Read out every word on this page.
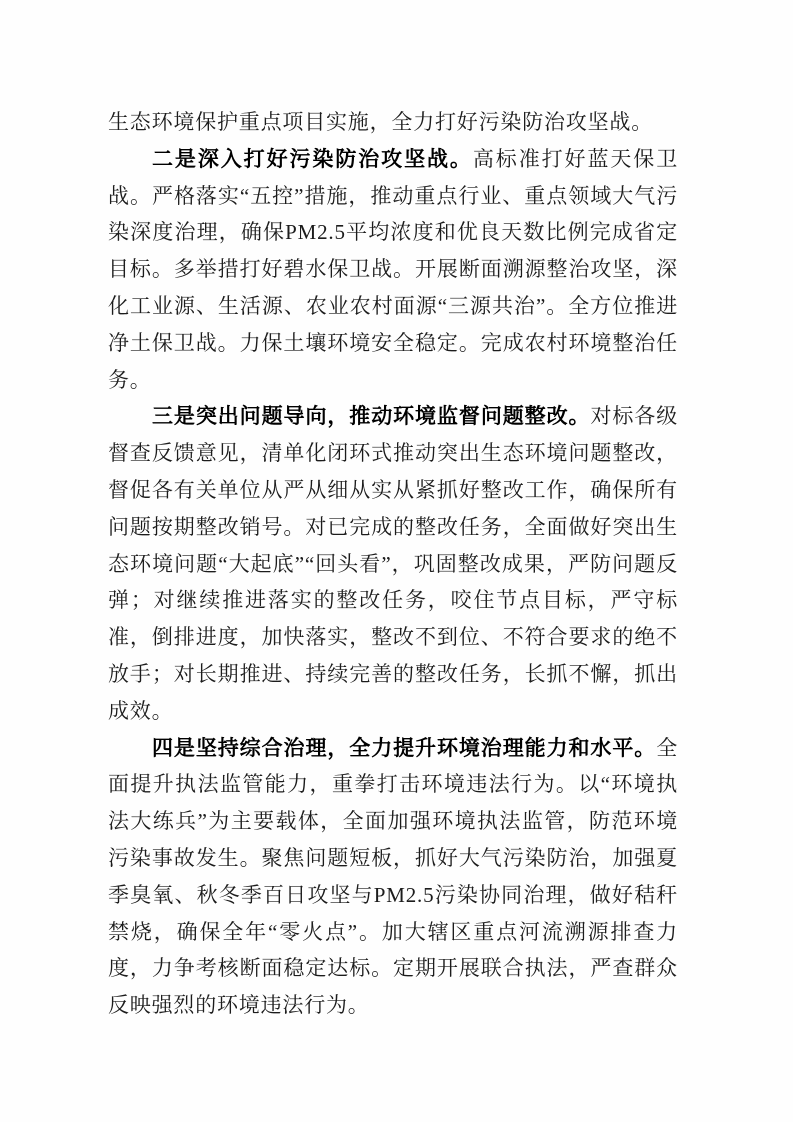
生态环境保护重点项目实施，全力打好污染防治攻坚战。

二是深入打好污染防治攻坚战。高标准打好蓝天保卫战。严格落实“五控”措施，推动重点行业、重点领域大气污染深度治理，确保PM2.5平均浓度和优良天数比例完成省定目标。多举措打好碧水保卫战。开展断面溯源整治攻坚，深化工业源、生活源、农业农村面源“三源共治”。全方位推进净土保卫战。力保土壤环境安全稳定。完成农村环境整治任务。

三是突出问题导向，推动环境监督问题整改。对标各级督查反馈意见，清单化闭环式推动突出生态环境问题整改，督促各有关单位从严从细从实从紧抓好整改工作，确保所有问题按期整改销号。对已完成的整改任务，全面做好突出生态环境问题“大起底”“回头看”，巩固整改成果，严防问题反弹；对继续推进落实的整改任务，咬住节点目标，严守标准，倒排进度，加快落实，整改不到位、不符合要求的绝不放手；对长期推进、持续完善的整改任务，长抓不懈，抓出成效。

四是坚持综合治理，全力提升环境治理能力和水平。全面提升执法监管能力，重拳打击环境违法行为。以“环境执法大练兵”为主要载体，全面加强环境执法监管，防范环境污染事故发生。聚焦问题短板，抓好大气污染防治，加强夏季臭氧、秋冬季百日攻坚与PM2.5污染协同治理，做好秸秆禁烧，确保全年“零火点”。加大辖区重点河流溯源排查力度，力争考核断面稳定达标。定期开展联合执法，严查群众反映强烈的环境违法行为。
